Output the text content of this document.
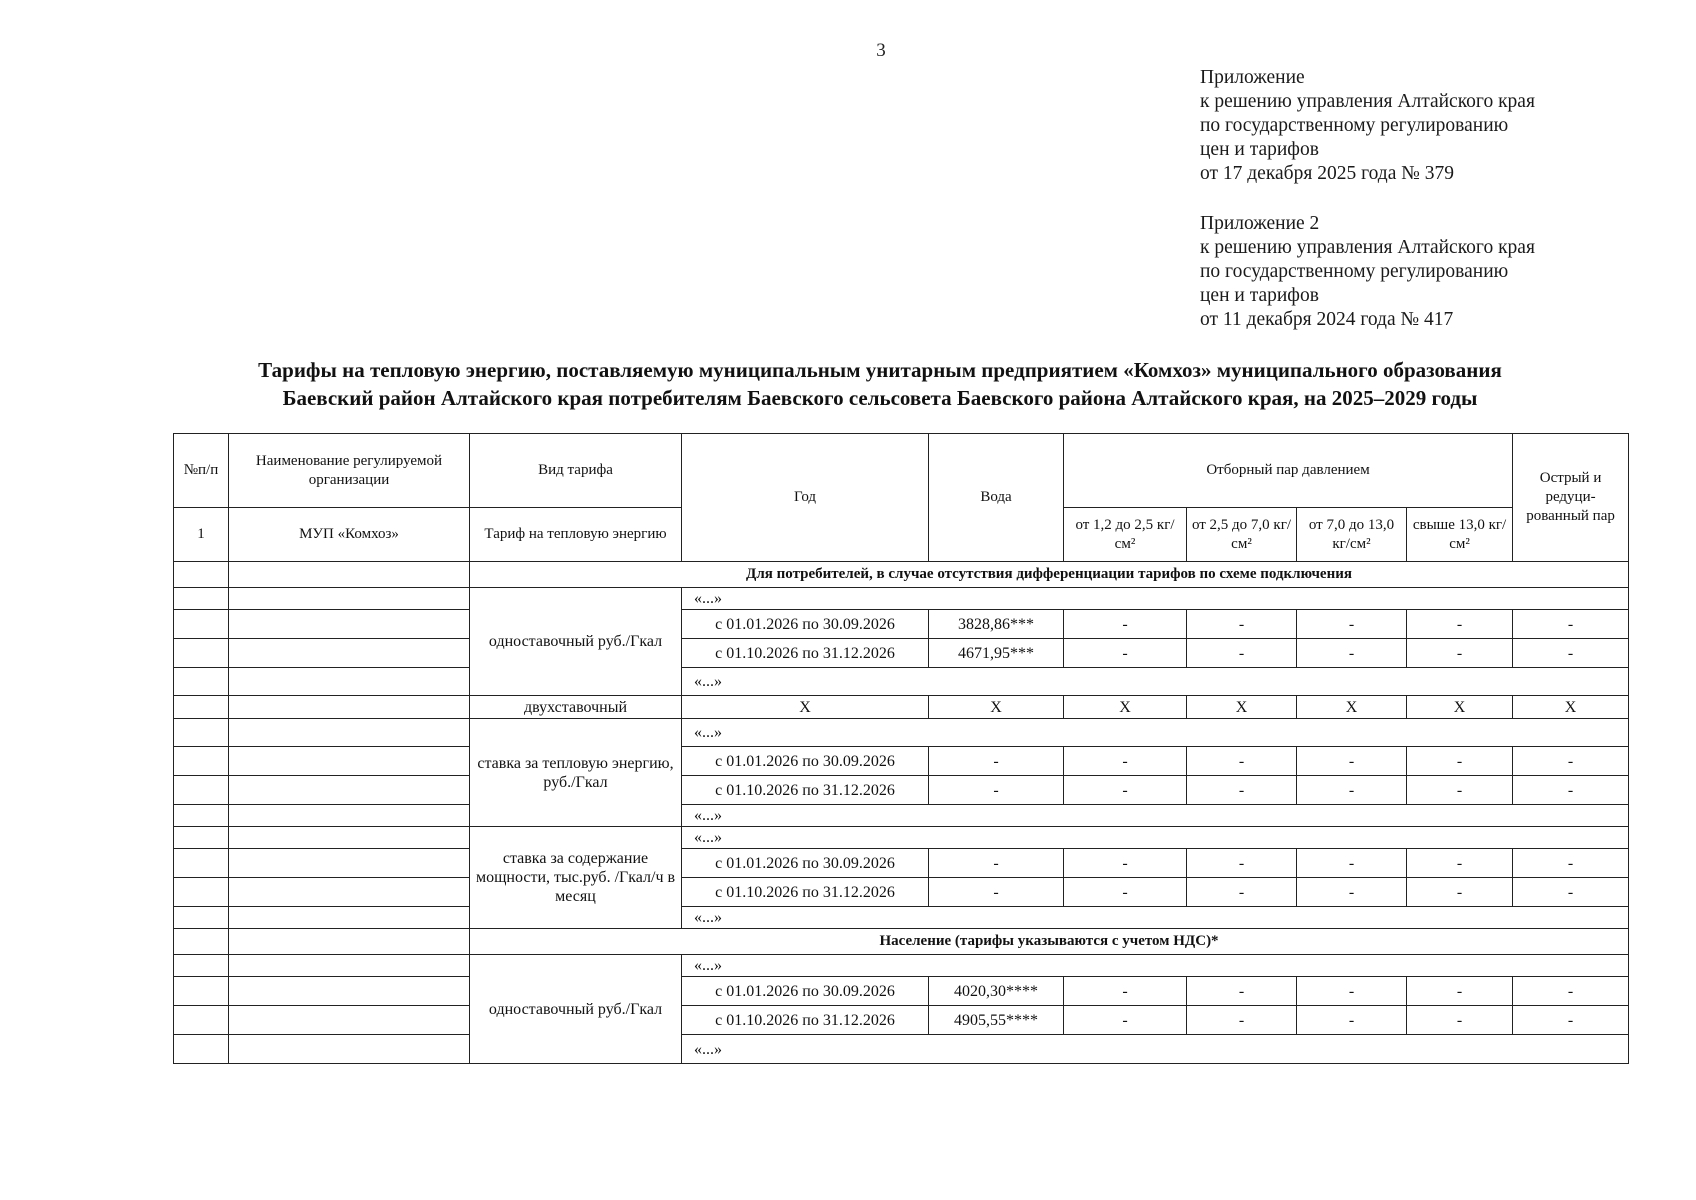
3
Приложение
к решению управления Алтайского края
по государственному регулированию
цен и тарифов
от 17 декабря 2025 года № 379
Приложение 2
к решению управления Алтайского края
по государственному регулированию
цен и тарифов
от 11 декабря 2024 года № 417
Тарифы на тепловую энергию, поставляемую муниципальным унитарным предприятием «Комхоз» муниципального образования
Баевский район Алтайского края потребителям Баевского сельсовета Баевского района Алтайского края, на 2025–2029 годы
№п/п	Наименование регулируемой организации	Вид тарифа	Год	Вода	Отборный пар давлением				Острый и редуци-рованный пар
1	МУП «Комхоз»	Тариф на тепловую энергию			от 1,2 до 2,5 кг/см²	от 2,5 до 7,0 кг/см²	от 7,0 до 13,0 кг/см²	свыше 13,0 кг/см²	
		Для потребителей, в случае отсутствия дифференциации тарифов по схеме подключения							
		одноставочный руб./Гкал	«...»						
			с 01.01.2026 по 30.09.2026	3828,86***	-	-	-	-	-
			с 01.10.2026 по 31.12.2026	4671,95***	-	-	-	-	-
			«...»						
		двухставочный	X	X	X	X	X	X	X
		ставка за тепловую энергию, руб./Гкал	«...»						
			с 01.01.2026 по 30.09.2026	-	-	-	-	-	-
			с 01.10.2026 по 31.12.2026	-	-	-	-	-	-
			«...»						
		ставка за содержание мощности, тыс.руб. /Гкал/ч в месяц	«...»						
			с 01.01.2026 по 30.09.2026	-	-	-	-	-	-
			с 01.10.2026 по 31.12.2026	-	-	-	-	-	-
			«...»						
		Население (тарифы указываются с учетом НДС)*							
		одноставочный руб./Гкал	«...»						
			с 01.01.2026 по 30.09.2026	4020,30****	-	-	-	-	-
			с 01.10.2026 по 31.12.2026	4905,55****	-	-	-	-	-
			«...»						
